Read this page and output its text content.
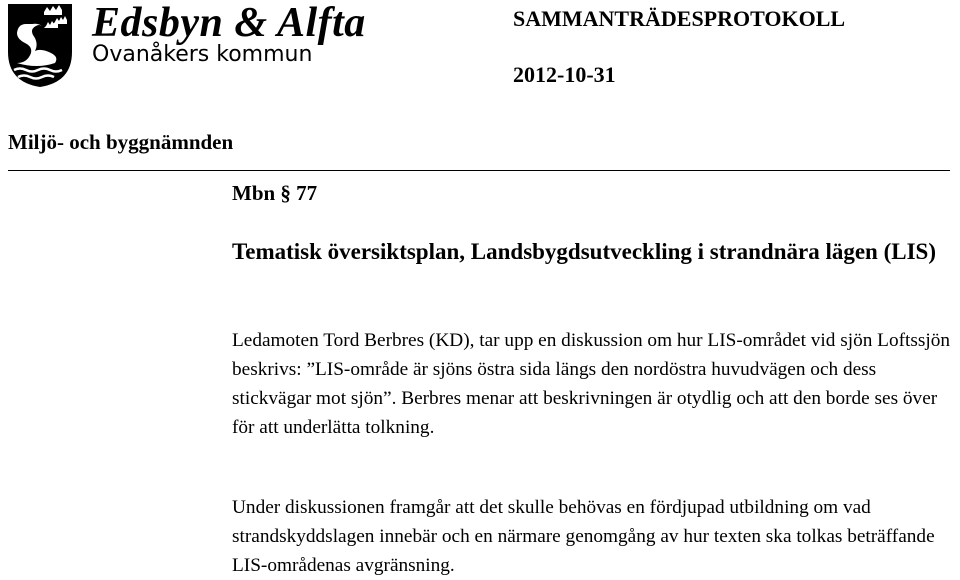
Edsbyn & Alfta
Ovanåkers kommun
SAMMANTRÄDESPROTOKOLL
2012-10-31
Miljö- och byggnämnden
Mbn § 77
Tematisk översiktsplan, Landsbygdsutveckling i strandnära lägen (LIS)

Ledamoten Tord Berbres (KD), tar upp en diskussion om hur LIS-området vid sjön Loftssjön beskrivs: ”LIS-område är sjöns östra sida längs den nordöstra huvudvägen och dess stickvägar mot sjön”. Berbres menar att beskrivningen är otydlig och att den borde ses över för att underlätta tolkning.

Under diskussionen framgår att det skulle behövas en fördjupad utbildning om vad strandskyddslagen innebär och en närmare genomgång av hur texten ska tolkas beträffande LIS-områdenas avgränsning.
